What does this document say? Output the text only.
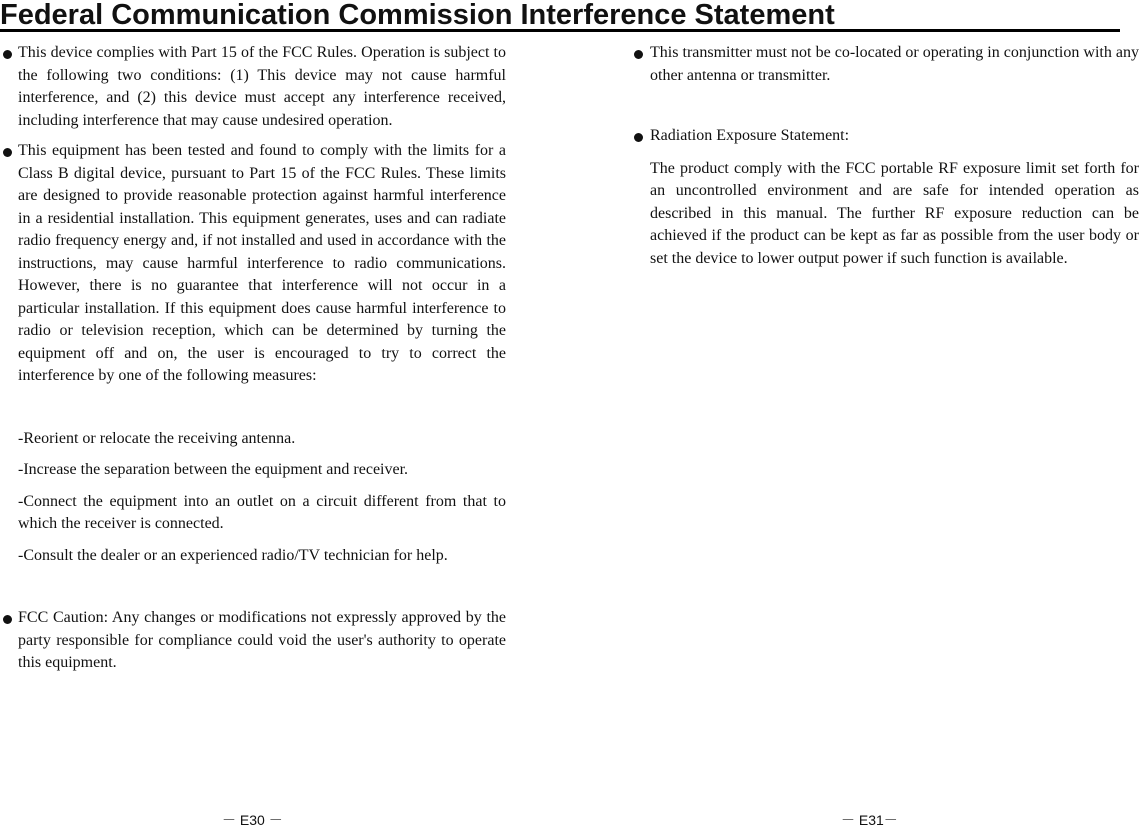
Federal Communication Commission Interference Statement

This device complies with Part 15 of the FCC Rules. Operation is subject to the following two conditions: (1) This device may not cause harmful interference, and (2) this device must accept any interference received, including interference that may cause undesired operation.

This equipment has been tested and found to comply with the limits for a Class B digital device, pursuant to Part 15 of the FCC Rules. These limits are designed to provide reasonable protection against harmful interference in a residential installation. This equipment generates, uses and can radiate radio frequency energy and, if not installed and used in accordance with the instructions, may cause harmful interference to radio communications. However, there is no guarantee that interference will not occur in a particular installation. If this equipment does cause harmful interference to radio or television reception, which can be determined by turning the equipment off and on, the user is encouraged to try to correct the interference by one of the following measures:

-Reorient or relocate the receiving antenna.

-Increase the separation between the equipment and receiver.

-Connect the equipment into an outlet on a circuit different from that to which the receiver is connected.

-Consult the dealer or an experienced radio/TV technician for help.

FCC Caution: Any changes or modifications not expressly approved by the party responsible for compliance could void the user's authority to operate this equipment.

This transmitter must not be co-located or operating in conjunction with any other antenna or transmitter.

Radiation Exposure Statement:

The product comply with the FCC portable RF exposure limit set forth for an uncontrolled environment and are safe for intended operation as described in this manual. The further RF exposure reduction can be achieved if the product can be kept as far as possible from the user body or set the device to lower output power if such function is available.

－ E30 －	－ E31－
